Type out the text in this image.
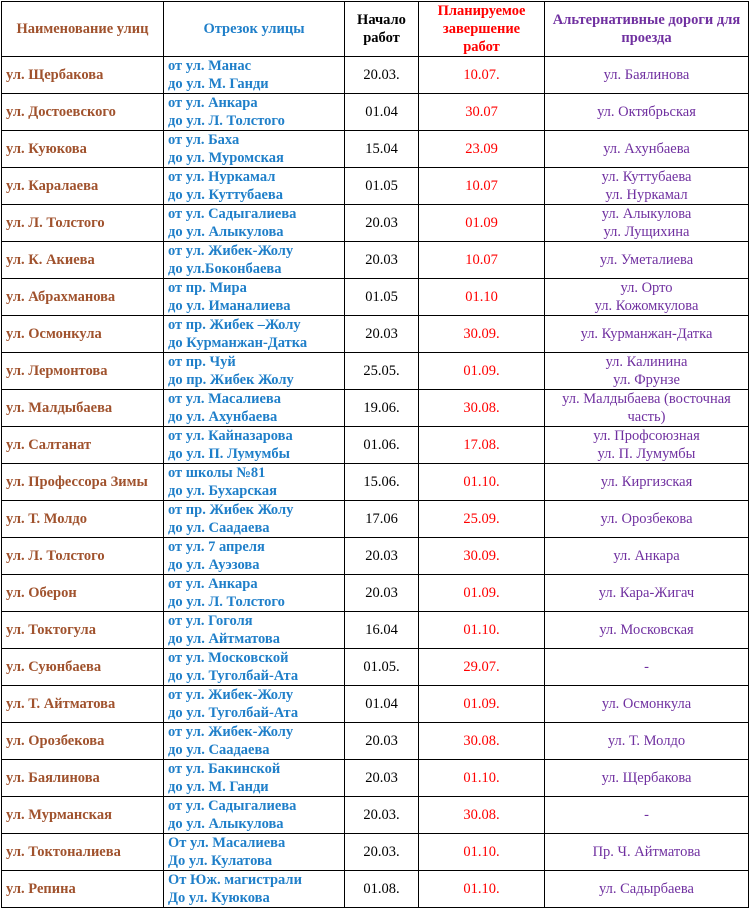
Наименование улиц	Отрезок улицы	Начало работ	Планируемое завершение работ	Альтернативные дороги для проезда
ул. Щербакова	от ул. Манас
до ул. М. Ганди	20.03.	10.07.	ул. Баялинова

ул. Достоевского	от ул. Анкара
до ул. Л. Толстого	01.04	30.07	ул. Октябрьская

ул. Куюкова	от ул. Баха
до ул. Муромская	15.04	23.09	ул. Ахунбаева

ул. Каралаева	от ул. Нуркамал
до ул. Куттубаева	01.05	10.07	ул. Куттубаева
ул. Нуркамал

ул. Л. Толстого	от ул. Садыгалиева
до ул. Алыкулова	20.03	01.09	ул. Алыкулова
ул. Лущихина

ул. К. Акиева	от ул. Жибек-Жолу
до ул.Боконбаева	20.03	10.07	ул. Уметалиева

ул. Абрахманова	от пр. Мира
до ул. Иманалиева	01.05	01.10	ул. Орто
ул. Кожомкулова

ул. Осмонкула	от пр. Жибек –Жолу
до Курманжан-Датка	20.03	30.09.	ул. Курманжан-Датка

ул. Лермонтова	от пр. Чуй
до пр. Жибек Жолу	25.05.	01.09.	ул. Калинина
ул. Фрунзе

ул. Малдыбаева	от ул. Масалиева
до ул. Ахунбаева	19.06.	30.08.	ул. Малдыбаева (восточная
часть)

ул. Салтанат	от ул. Кайназарова
до ул. П. Лумумбы	01.06.	17.08.	ул. Профсоюзная
ул. П. Лумумбы

ул. Профессора Зимы	от школы №81
до ул. Бухарская	15.06.	01.10.	ул. Киргизская

ул. Т. Молдо	от пр. Жибек Жолу
до ул. Саадаева	17.06	25.09.	ул. Орозбекова

ул. Л. Толстого	от ул. 7 апреля
до ул. Ауэзова	20.03	30.09.	ул. Анкара

ул. Оберон	от ул. Анкара
до ул. Л. Толстого	20.03	01.09.	ул. Кара-Жигач

ул. Токтогула	от ул. Гоголя
до ул. Айтматова	16.04	01.10.	ул. Московская

ул. Суюнбаева	от ул. Московской
до ул. Туголбай-Ата	01.05.	29.07.	-

ул. Т. Айтматова	от ул. Жибек-Жолу
до ул. Туголбай-Ата	01.04	01.09.	ул. Осмонкула

ул. Орозбекова	от ул. Жибек-Жолу
до ул. Саадаева	20.03	30.08.	ул. Т. Молдо

ул. Баялинова	от ул. Бакинской
до ул. М. Ганди	20.03	01.10.	ул. Щербакова

ул. Мурманская	от ул. Садыгалиева
до ул. Алыкулова	20.03.	30.08.	-

ул. Токтоналиева	От ул. Масалиева
До ул. Кулатова	20.03.	01.10.	Пр. Ч. Айтматова

ул. Репина	От Юж. магистрали
До ул. Куюкова	01.08.	01.10.	ул. Садырбаева
